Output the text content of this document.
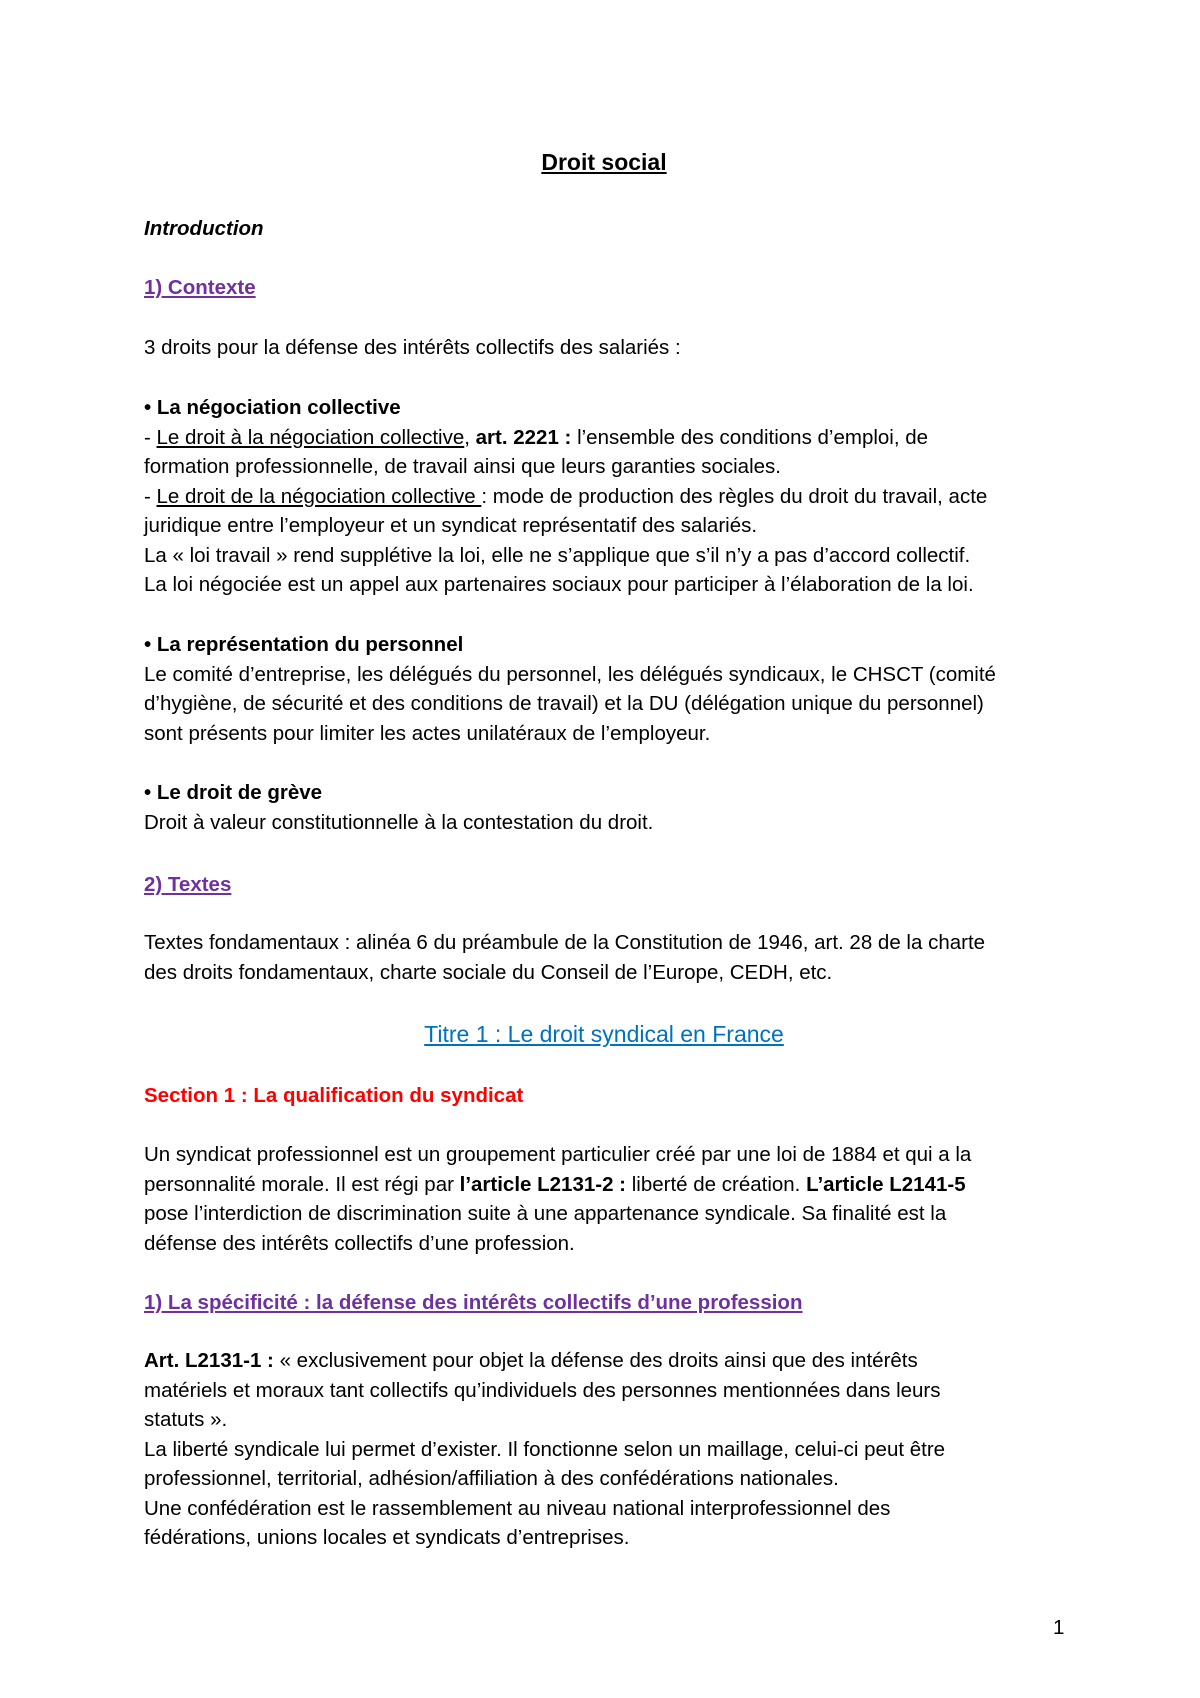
Droit social

Introduction

1) Contexte

3 droits pour la défense des intérêts collectifs des salariés :

• La négociation collective

- Le droit à la négociation collective, art. 2221 : l’ensemble des conditions d’emploi, de

formation professionnelle, de travail ainsi que leurs garanties sociales.

- Le droit de la négociation collective : mode de production des règles du droit du travail, acte

juridique entre l’employeur et un syndicat représentatif des salariés.

La « loi travail » rend supplétive la loi, elle ne s’applique que s’il n’y a pas d’accord collectif.

La loi négociée est un appel aux partenaires sociaux pour participer à l’élaboration de la loi.

• La représentation du personnel

Le comité d’entreprise, les délégués du personnel, les délégués syndicaux, le CHSCT (comité

d’hygiène, de sécurité et des conditions de travail) et la DU (délégation unique du personnel)

sont présents pour limiter les actes unilatéraux de l’employeur.

• Le droit de grève

Droit à valeur constitutionnelle à la contestation du droit.

2) Textes

Textes fondamentaux : alinéa 6 du préambule de la Constitution de 1946, art. 28 de la charte

des droits fondamentaux, charte sociale du Conseil de l’Europe, CEDH, etc.

Titre 1 : Le droit syndical en France

Section 1 : La qualification du syndicat

Un syndicat professionnel est un groupement particulier créé par une loi de 1884 et qui a la

personnalité morale. Il est régi par l’article L2131-2 : liberté de création. L’article L2141-5

pose l’interdiction de discrimination suite à une appartenance syndicale. Sa finalité est la

défense des intérêts collectifs d’une profession.

1) La spécificité : la défense des intérêts collectifs d’une profession

Art. L2131-1 : « exclusivement pour objet la défense des droits ainsi que des intérêts

matériels et moraux tant collectifs qu’individuels des personnes mentionnées dans leurs

statuts ».

La liberté syndicale lui permet d’exister. Il fonctionne selon un maillage, celui-ci peut être

professionnel, territorial, adhésion/affiliation à des confédérations nationales.

Une confédération est le rassemblement au niveau national interprofessionnel des

fédérations, unions locales et syndicats d’entreprises.

1
